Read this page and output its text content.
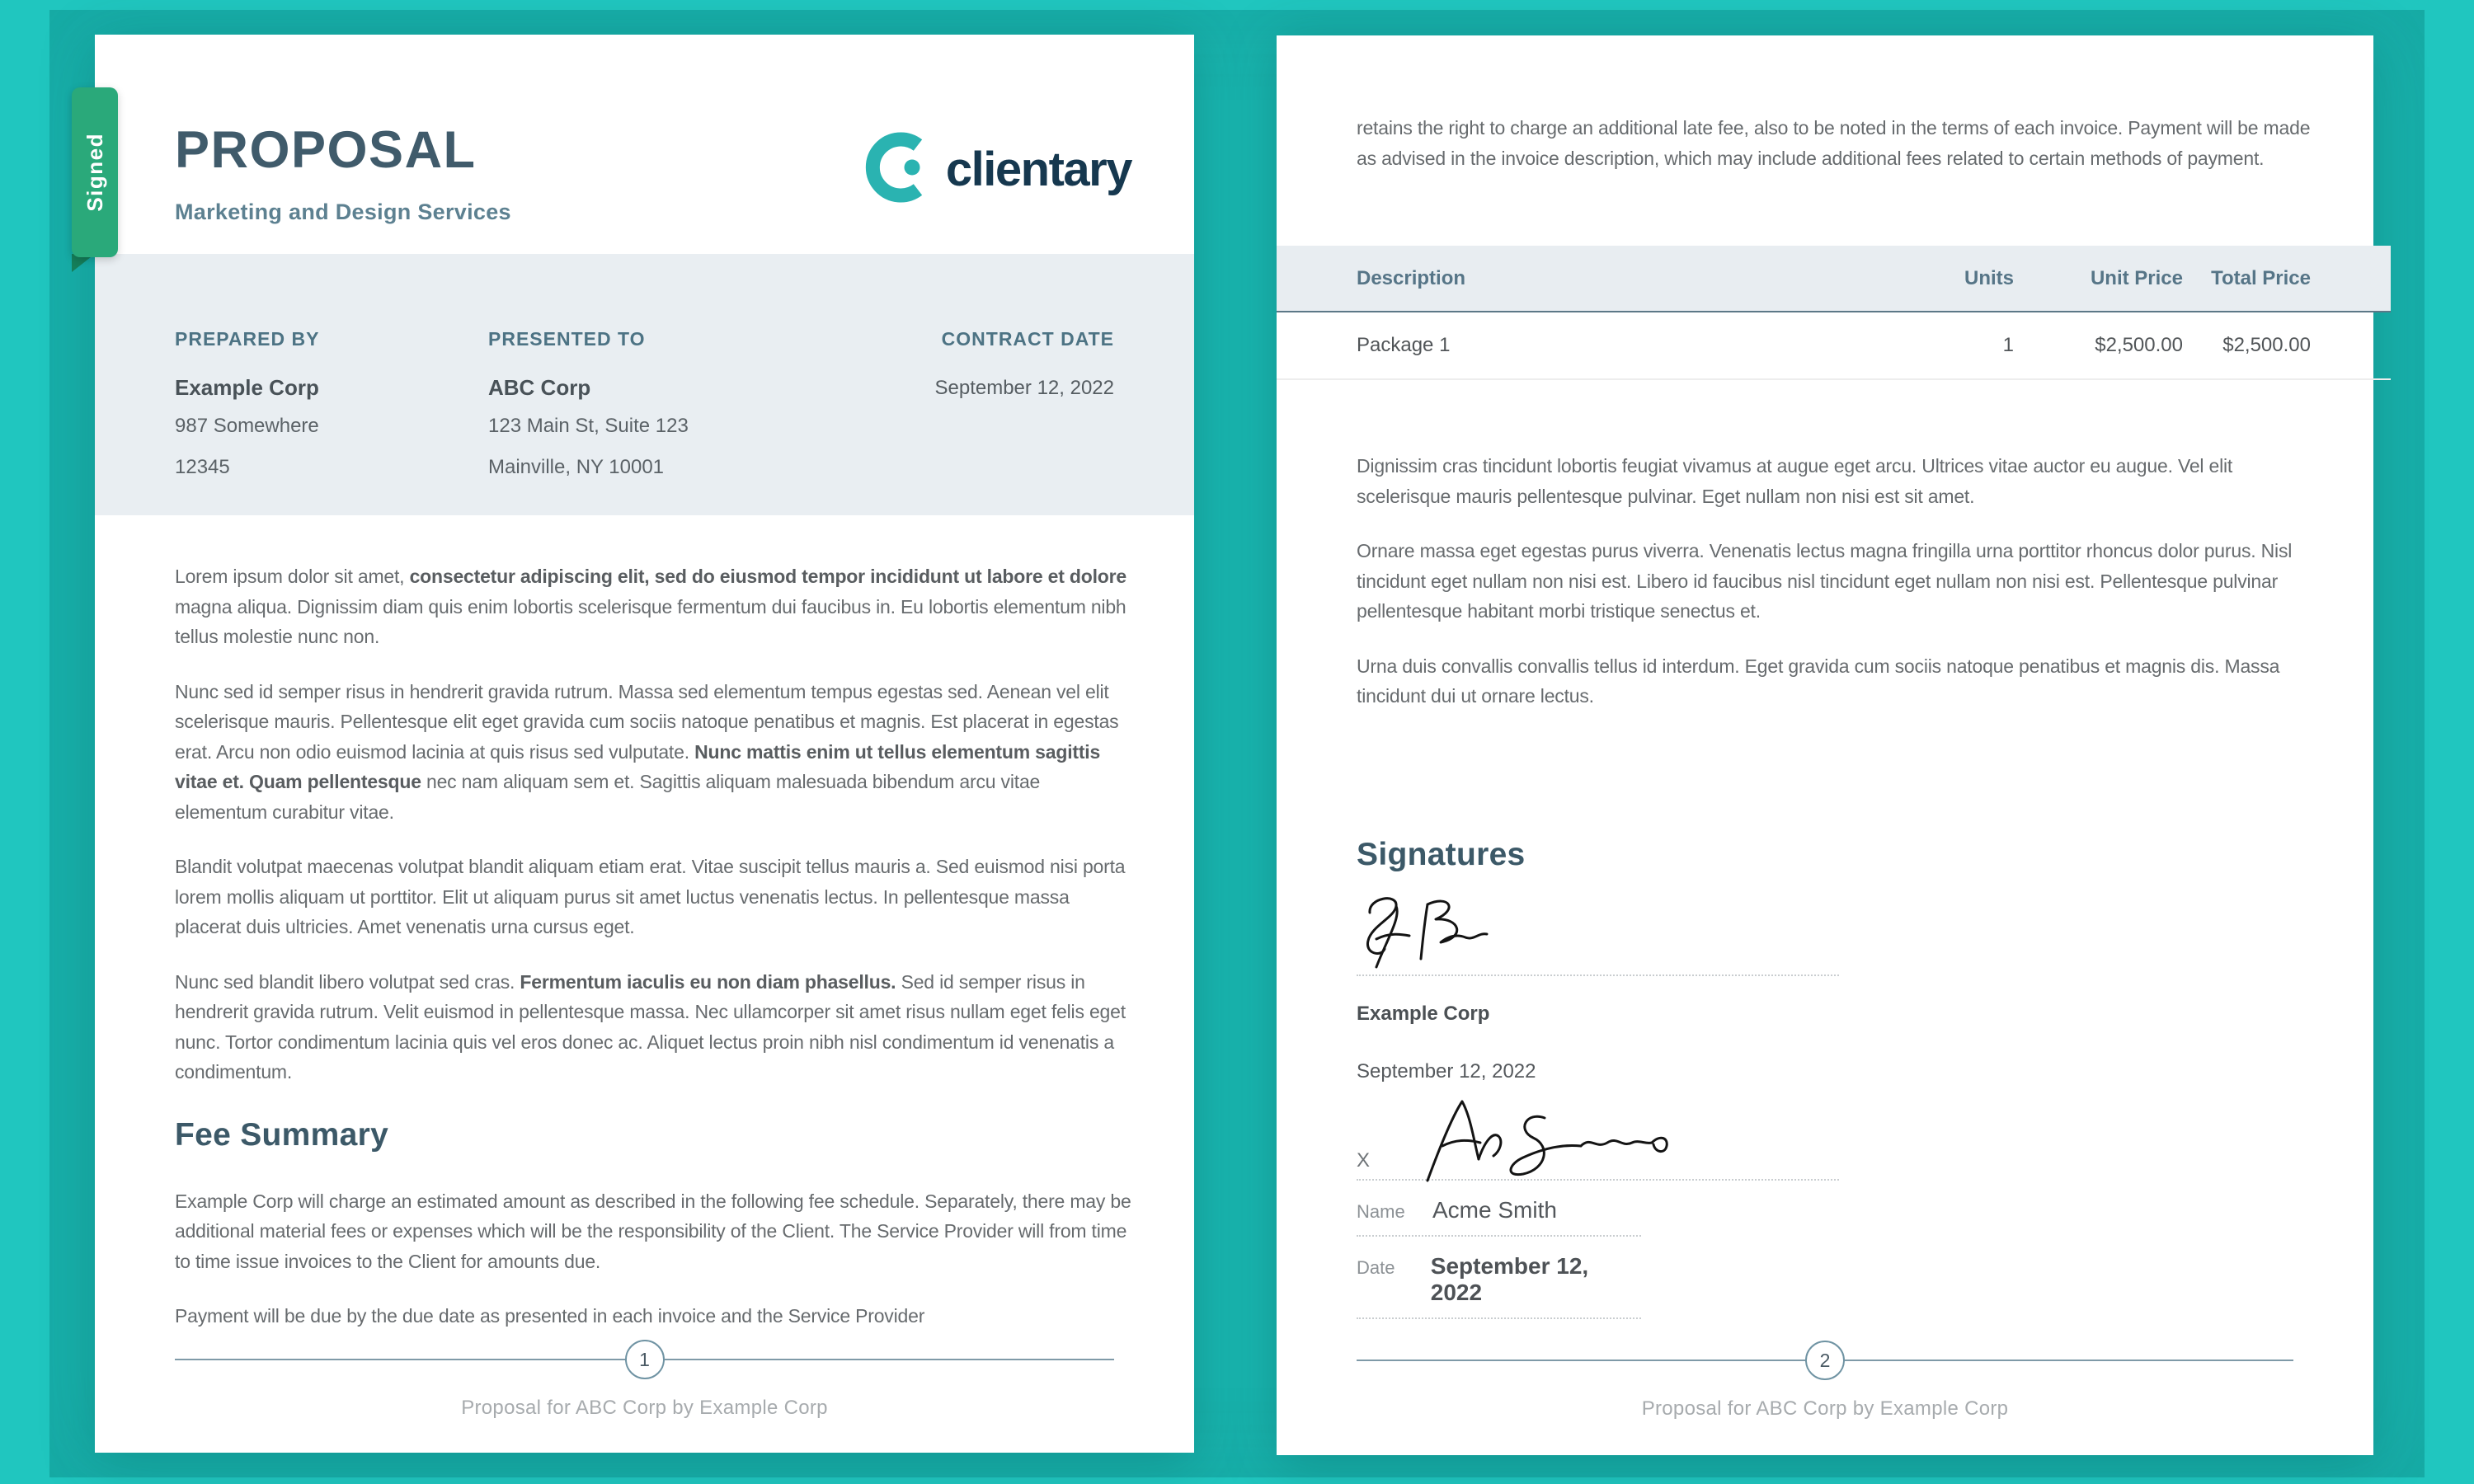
Signed PROPOSAL
Marketing and Design Services
clientary
PREPARED BY
Example Corp
987 Somewhere
12345
PRESENTED TO
ABC Corp
123 Main St, Suite 123
Mainville, NY 10001
CONTRACT DATE
September 12, 2022

Lorem ipsum dolor sit amet, consectetur adipiscing elit, sed do eiusmod tempor incididunt ut labore et dolore magna aliqua. Dignissim diam quis enim lobortis scelerisque fermentum dui faucibus in. Eu lobortis elementum nibh tellus molestie nunc non.

Nunc sed id semper risus in hendrerit gravida rutrum. Massa sed elementum tempus egestas sed. Aenean vel elit scelerisque mauris. Pellentesque elit eget gravida cum sociis natoque penatibus et magnis. Est placerat in egestas erat. Arcu non odio euismod lacinia at quis risus sed vulputate. Nunc mattis enim ut tellus elementum sagittis vitae et. Quam pellentesque nec nam aliquam sem et. Sagittis aliquam malesuada bibendum arcu vitae elementum curabitur vitae.

Blandit volutpat maecenas volutpat blandit aliquam etiam erat. Vitae suscipit tellus mauris a. Sed euismod nisi porta lorem mollis aliquam ut porttitor. Elit ut aliquam purus sit amet luctus venenatis lectus. In pellentesque massa placerat duis ultricies. Amet venenatis urna cursus eget.

Nunc sed blandit libero volutpat sed cras. Fermentum iaculis eu non diam phasellus. Sed id semper risus in hendrerit gravida rutrum. Velit euismod in pellentesque massa. Nec ullamcorper sit amet risus nullam eget felis eget nunc. Tortor condimentum lacinia quis vel eros donec ac. Aliquet lectus proin nibh nisl condimentum id venenatis a condimentum.

Fee Summary

Example Corp will charge an estimated amount as described in the following fee schedule. Separately, there may be additional material fees or expenses which will be the responsibility of the Client. The Service Provider will from time to time issue invoices to the Client for amounts due.

Payment will be due by the due date as presented in each invoice and the Service Provider

1
Proposal for ABC Corp by Example Corp

retains the right to charge an additional late fee, also to be noted in the terms of each invoice. Payment will be made as advised in the invoice description, which may include additional fees related to certain methods of payment.

Description	Units	Unit Price	Total Price
Package 1	1	$2,500.00	$2,500.00

Dignissim cras tincidunt lobortis feugiat vivamus at augue eget arcu. Ultrices vitae auctor eu augue. Vel elit scelerisque mauris pellentesque pulvinar. Eget nullam non nisi est sit amet.

Ornare massa eget egestas purus viverra. Venenatis lectus magna fringilla urna porttitor rhoncus dolor purus. Nisl tincidunt eget nullam non nisi est. Libero id faucibus nisl tincidunt eget nullam non nisi est. Pellentesque pulvinar pellentesque habitant morbi tristique senectus et.

Urna duis convallis convallis tellus id interdum. Eget gravida cum sociis natoque penatibus et magnis dis. Massa tincidunt dui ut ornare lectus.

Signatures
Example Corp
September 12, 2022
X
Name	Acme Smith
Date	September 12, 2022
2
Proposal for ABC Corp by Example Corp
